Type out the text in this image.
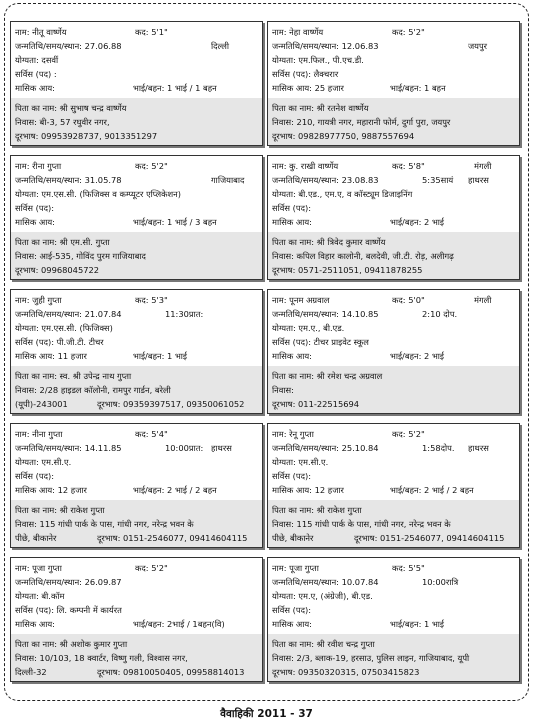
नाम: नीतू वार्ष्णेय	कद: 5'1"
जन्मतिथि/समय/स्थान: 27.06.88	दिल्ली
योग्यता: दसवीं
सर्विस (पद) :
मासिक आय:	भाई/बहन: 1 भाई / 1 बहन
पिता का नाम: श्री सुभाष चन्द्र वार्ष्णेय
निवास: बी-3, 57 रघुवीर नगर,
दूरभाष: 09953928737, 9013351297
नाम: नेहा वार्ष्णेय	कद: 5'2"
जन्मतिथि/समय/स्थान: 12.06.83	जयपुर
योग्यता: एम.फिल., पी.एच.डी.
सर्विस (पद): लैक्चरार
मासिक आय: 25 हजार	भाई/बहन: 1 बहन
पिता का नाम: श्री रतनेश वार्ष्णेय
निवास: 210, गायत्री नगर, महारानी फोर्म, दुर्गा पुरा, जयपुर
दूरभाष: 09828977750, 9887557694
नाम: रीना गुप्ता	कद: 5'2"
जन्मतिथि/समय/स्थान: 31.05.78	गाजियाबाद
योग्यता: एम.एस.सी. (फिजिक्स व कम्प्यूटर एप्लिकेशन)
सर्विस (पद):
मासिक आय:	भाई/बहन: 1 भाई / 3 बहन
पिता का नाम: श्री एम.सी. गुप्ता
निवास: आई-535, गोविंद पुरम गाजियाबाद
दूरभाष: 09968045722
नाम: कु. राखी वार्ष्णेय	कद: 5'8"	मंगली
जन्मतिथि/समय/स्थान: 23.08.83	5:35सायं हाथरस
योग्यता: बी.एड., एम.ए, व कॉस्ट्यूम डिजाइनिंग
सर्विस (पद):
मासिक आय:	भाई/बहन: 2 भाई
पिता का नाम: श्री त्रिवेद कुमार वार्ष्णेय
निवास: कपिल विहार कालोनी, बलदेवी, जी.टी. रोड़, अलीगढ़
दूरभाष: 0571-2511051, 09411878255
नाम: जुही गुप्ता	कद: 5'3"
जन्मतिथि/समय/स्थान: 21.07.84	11:30प्रात:
योग्यता: एम.एस.सी. (फिजिक्स)
सर्विस (पद): पी.जी.टी. टीचर
मासिक आय: 11 हजार	भाई/बहन: 1 भाई
पिता का नाम: स्व. श्री उपेन्द्र नाथ गुप्ता
निवास: 2/28 हाइडल कॉलोनी, रामपुर गार्डन, बरेली
(यूपी)-243001	दूरभाष: 09359397517, 09350061052
नाम: पूनम अग्रवाल	कद: 5'0"	मंगली
जन्मतिथि/समय/स्थान: 14.10.85	2:10 दोप.
योग्यता: एम.ए., बी.एड.
सर्विस (पद): टीचर प्राइवेट स्कूल
मासिक आय:	भाई/बहन: 2 भाई
पिता का नाम: श्री रमेश चन्द्र अग्रवाल
निवास:
दूरभाष: 011-22515694
नाम: नीना गुप्ता	कद: 5'4"
जन्मतिथि/समय/स्थान: 14.11.85	10:00प्रात: हाथरस
योग्यता: एम.सी.ए.
सर्विस (पद):
मासिक आय: 12 हजार	भाई/बहन: 2 भाई / 2 बहन
पिता का नाम: श्री राकेश गुप्ता
निवास: 115 गांधी पार्क के पास, गांधी नगर, नरेन्द्र भवन के
पीछे, बीकानेर	दूरभाष: 0151-2546077, 09414604115
नाम: रेनू गुप्ता	कद: 5'2"
जन्मतिथि/समय/स्थान: 25.10.84	1:58दोप. हाथरस
योग्यता: एम.सी.ए.
सर्विस (पद):
मासिक आय: 12 हजार	भाई/बहन: 2 भाई / 2 बहन
पिता का नाम: श्री राकेश गुप्ता
निवास: 115 गांधी पार्क के पास, गांधी नगर, नरेन्द्र भवन के
पीछे, बीकानेर	दूरभाष: 0151-2546077, 09414604115
नाम: पूजा गुप्ता	कद: 5'2"
जन्मतिथि/समय/स्थान: 26.09.87
योग्यता: बी.कॉम
सर्विस (पद): लि. कम्पनी में कार्यरत
मासिक आय:	भाई/बहन: 2भाई / 1बहन(वि)
पिता का नाम: श्री अशोक कुमार गुप्ता
निवास: 10/103, 18 क्वार्टर, विष्णु गली, विश्वास नगर,
दिल्ली-32	दूरभाष: 09810050405, 09958814013
नाम: पूजा गुप्ता	कद: 5'5"
जन्मतिथि/समय/स्थान: 10.07.84	10:00रात्रि
योग्यता: एम.ए, (अंग्रेजी), बी.एड.
सर्विस (पद):
मासिक आय:	भाई/बहन: 1 भाई
पिता का नाम: श्री रवीश चन्द्र गुप्ता
निवास: 2/3, ब्लाक-19, हरसाउ, पुलिस लाइन, गाजियाबाद, यूपी
दूरभाष: 09350320315, 07503415823
वैवाहिकी 2011 - 37
